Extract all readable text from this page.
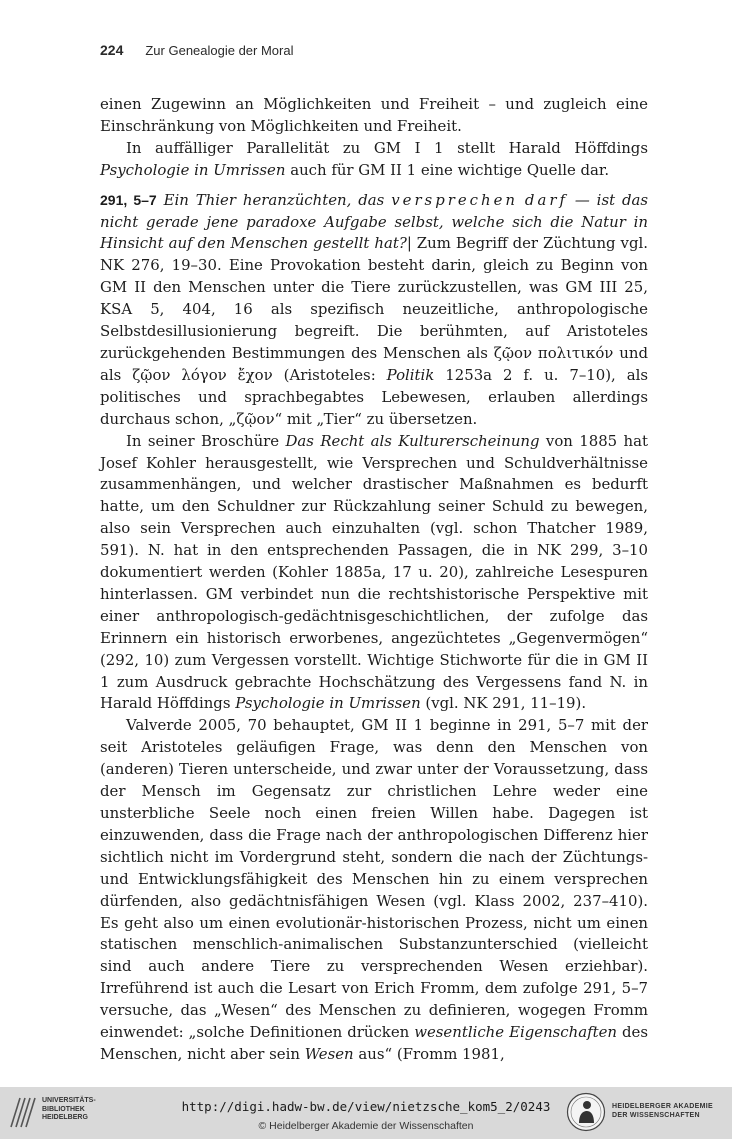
224 Zur Genealogie der Moral

einen Zugewinn an Möglichkeiten und Freiheit – und zugleich eine Einschränkung von Möglichkeiten und Freiheit.

In auffälliger Parallelität zu GM I 1 stellt Harald Höffdings Psychologie in Umrissen auch für GM II 1 eine wichtige Quelle dar.

291, 5–7 Ein Thier heranzüchten, das versprechen darf — ist das nicht gerade jene paradoxe Aufgabe selbst, welche sich die Natur in Hinsicht auf den Menschen gestellt hat?| Zum Begriff der Züchtung vgl. NK 276, 19–30. Eine Provokation besteht darin, gleich zu Beginn von GM II den Menschen unter die Tiere zurückzustellen, was GM III 25, KSA 5, 404, 16 als spezifisch neuzeitliche, anthropologische Selbstdesillusionierung begreift. Die berühmten, auf Aristoteles zurückgehenden Bestimmungen des Menschen als ζῷον πολιτικόν und als ζῷον λόγον ἔχον (Aristoteles: Politik 1253a 2 f. u. 7–10), als politisches und sprachbegabtes Lebewesen, erlauben allerdings durchaus schon, „ζῷον“ mit „Tier“ zu übersetzen.

In seiner Broschüre Das Recht als Kulturerscheinung von 1885 hat Josef Kohler herausgestellt, wie Versprechen und Schuldverhältnisse zusammenhängen, und welcher drastischer Maßnahmen es bedurft hatte, um den Schuldner zur Rückzahlung seiner Schuld zu bewegen, also sein Versprechen auch einzuhalten (vgl. schon Thatcher 1989, 591). N. hat in den entsprechenden Passagen, die in NK 299, 3–10 dokumentiert werden (Kohler 1885a, 17 u. 20), zahlreiche Lesespuren hinterlassen. GM verbindet nun die rechtshistorische Perspektive mit einer anthropologisch-gedächtnisgeschichtlichen, der zufolge das Erinnern ein historisch erworbenes, angezüchtetes „Gegenvermögen“ (292, 10) zum Vergessen vorstellt. Wichtige Stichworte für die in GM II 1 zum Ausdruck gebrachte Hochschätzung des Vergessens fand N. in Harald Höffdings Psychologie in Umrissen (vgl. NK 291, 11–19).

Valverde 2005, 70 behauptet, GM II 1 beginne in 291, 5–7 mit der seit Aristoteles geläufigen Frage, was denn den Menschen von (anderen) Tieren unterscheide, und zwar unter der Voraussetzung, dass der Mensch im Gegensatz zur christlichen Lehre weder eine unsterbliche Seele noch einen freien Willen habe. Dagegen ist einzuwenden, dass die Frage nach der anthropologischen Differenz hier sichtlich nicht im Vordergrund steht, sondern die nach der Züchtungs- und Entwicklungsfähigkeit des Menschen hin zu einem versprechen dürfenden, also gedächtnisfähigen Wesen (vgl. Klass 2002, 237–410). Es geht also um einen evolutionär-historischen Prozess, nicht um einen statischen menschlich-animalischen Substanzunterschied (vielleicht sind auch andere Tiere zu versprechenden Wesen erziehbar). Irreführend ist auch die Lesart von Erich Fromm, dem zufolge 291, 5–7 versuche, das „Wesen“ des Menschen zu definieren, wogegen Fromm einwendet: „solche Definitionen drücken wesentliche Eigenschaften des Menschen, nicht aber sein Wesen aus“ (Fromm 1981,

UNIVERSITÄTS-
BIBLIOTHEK
HEIDELBERG
http://digi.hadw-bw.de/view/nietzsche_kom5_2/0243
© Heidelberger Akademie der Wissenschaften
HEIDELBERGER AKADEMIE
DER WISSENSCHAFTEN
